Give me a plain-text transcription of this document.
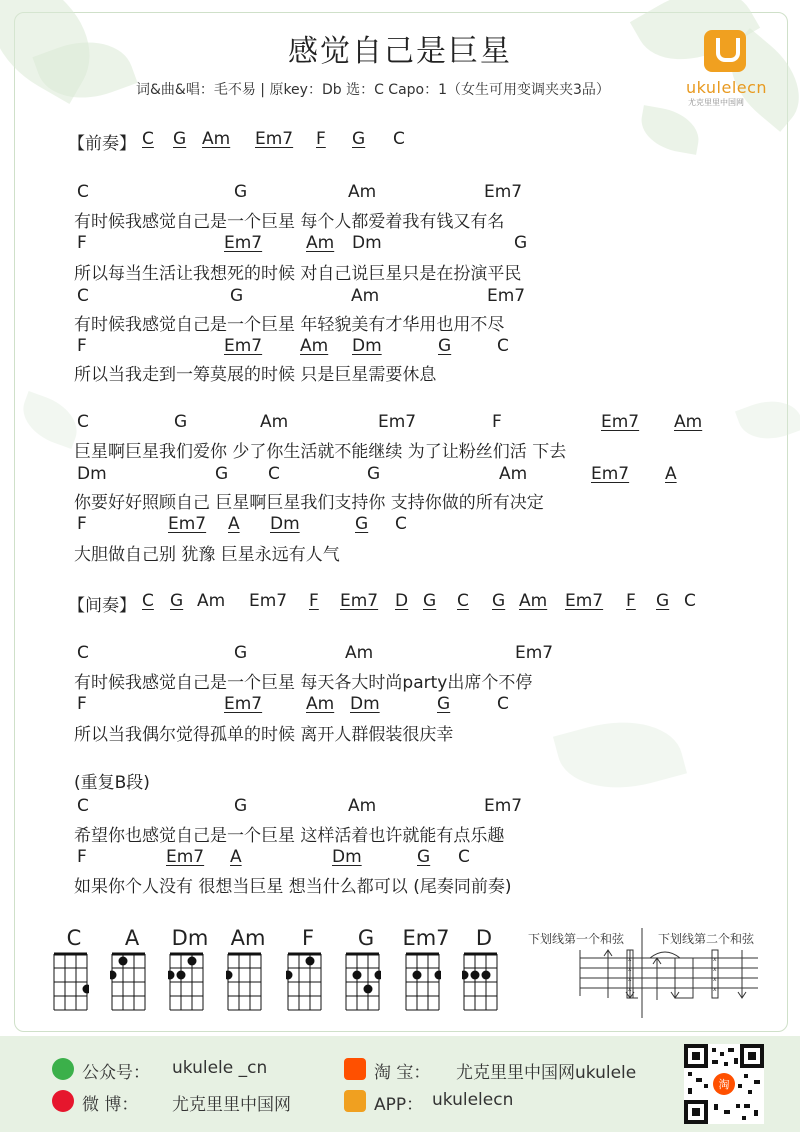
感觉自己是巨星
词&曲&唱：毛不易 | 原key：Db 选：C Capo：1（女生可用变调夹夹3品）	ukulelecn
尤克里里中国网
【前奏】 C G Am Em7 F G C
C	G	Am	Em7
有时候我感觉自己是一个巨星 每个人都爱着我有钱又有名
F	Em7	Am Dm	G
所以每当生活让我想死的时候 对自己说巨星只是在扮演平民
C	G	Am	Em7
有时候我感觉自己是一个巨星 年轻貌美有才华用也用不尽
F	Em7 Am Dm	G	C
所以当我走到一筹莫展的时候 只是巨星需要休息
C	G	Am	Em7	F	Em7 Am
巨星啊巨星我们爱你 少了你生活就不能继续 为了让粉丝们活 下去
Dm	G C	G	Am	Em7 A
你要好好照顾自己 巨星啊巨星我们支持你 支持你做的所有决定
F	Em7 A Dm	G C
大胆做自己别 犹豫 巨星永远有人气
【间奏】 C G Am Em7 F Em7 D G C G Am Em7 F G C
C	G	Am	Em7
有时候我感觉自己是一个巨星 每天各大时尚party出席个不停
F	Em7	Am Dm	G	C
所以当我偶尔觉得孤单的时候 离开人群假装很庆幸
(重复B段)
C	G	Am	Em7
希望你也感觉自己是一个巨星 这样活着也许就能有点乐趣
F	Em7 A	Dm	G C
如果你个人没有 很想当巨星 想当什么都可以 (尾奏同前奏)
C	A	Dm	Am	F	G	Em7	D	下划线第一个和弦	下划线第二个和弦
x
x
x
x
x
x
x
x
公众号： ukulele _cn
微 博： 尤克里里中国网
淘 宝： 尤克里里中国网ukulele
APP： ukulelecn
淘
